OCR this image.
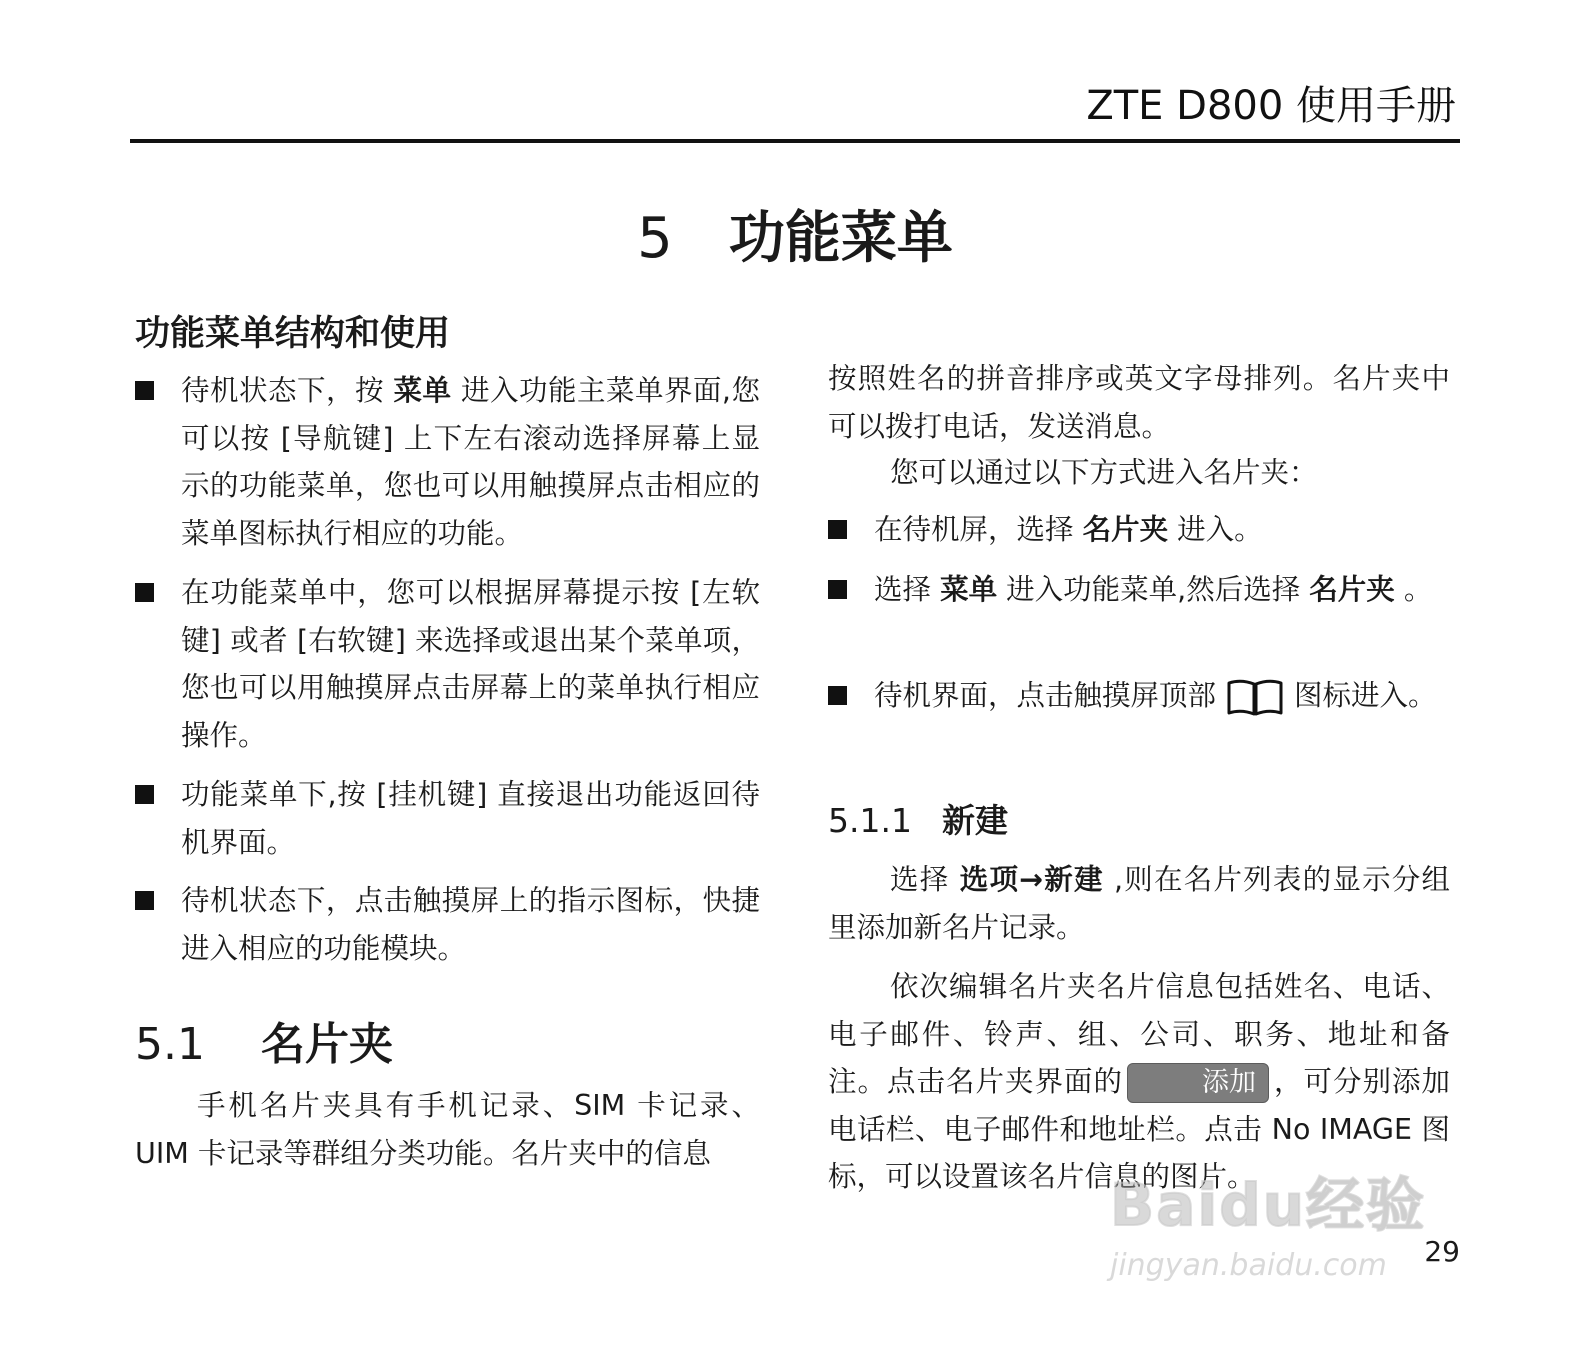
ZTE D800 使用手册
5 功能菜单
功能菜单结构和使用
待机状态下，按 菜单 进入功能主菜单界面,您可以按 [导航键] 上下左右滚动选择屏幕上显示的功能菜单，您也可以用触摸屏点击相应的菜单图标执行相应的功能。
在功能菜单中，您可以根据屏幕提示按 [左软键] 或者 [右软键] 来选择或退出某个菜单项，您也可以用触摸屏点击屏幕上的菜单执行相应操作。
功能菜单下,按 [挂机键] 直接退出功能返回待机界面。
待机状态下，点击触摸屏上的指示图标，快捷进入相应的功能模块。
5.1 名片夹

手机名片夹具有手机记录、SIM 卡记录、UIM 卡记录等群组分类功能。名片夹中的信息

按照姓名的拼音排序或英文字母排列。名片夹中可以拨打电话，发送消息。

您可以通过以下方式进入名片夹：

在待机屏，选择 名片夹 进入。
选择 菜单 进入功能菜单,然后选择 名片夹 。
待机界面，点击触摸屏顶部	图标进入。
5.1.1 新建

选择 选项→新建 ,则在名片列表的显示分组里添加新名片记录。

依次编辑名片夹名片信息包括姓名、电话、电子邮件、铃声、组、公司、职务、地址和备注。点击名片夹界面的	添加 ，可分别添加电话栏、电子邮件和地址栏。点击 No IMAGE 图标，可以设置该名片信息的图片。

29
Baidu经验
jingyan.baidu.com
